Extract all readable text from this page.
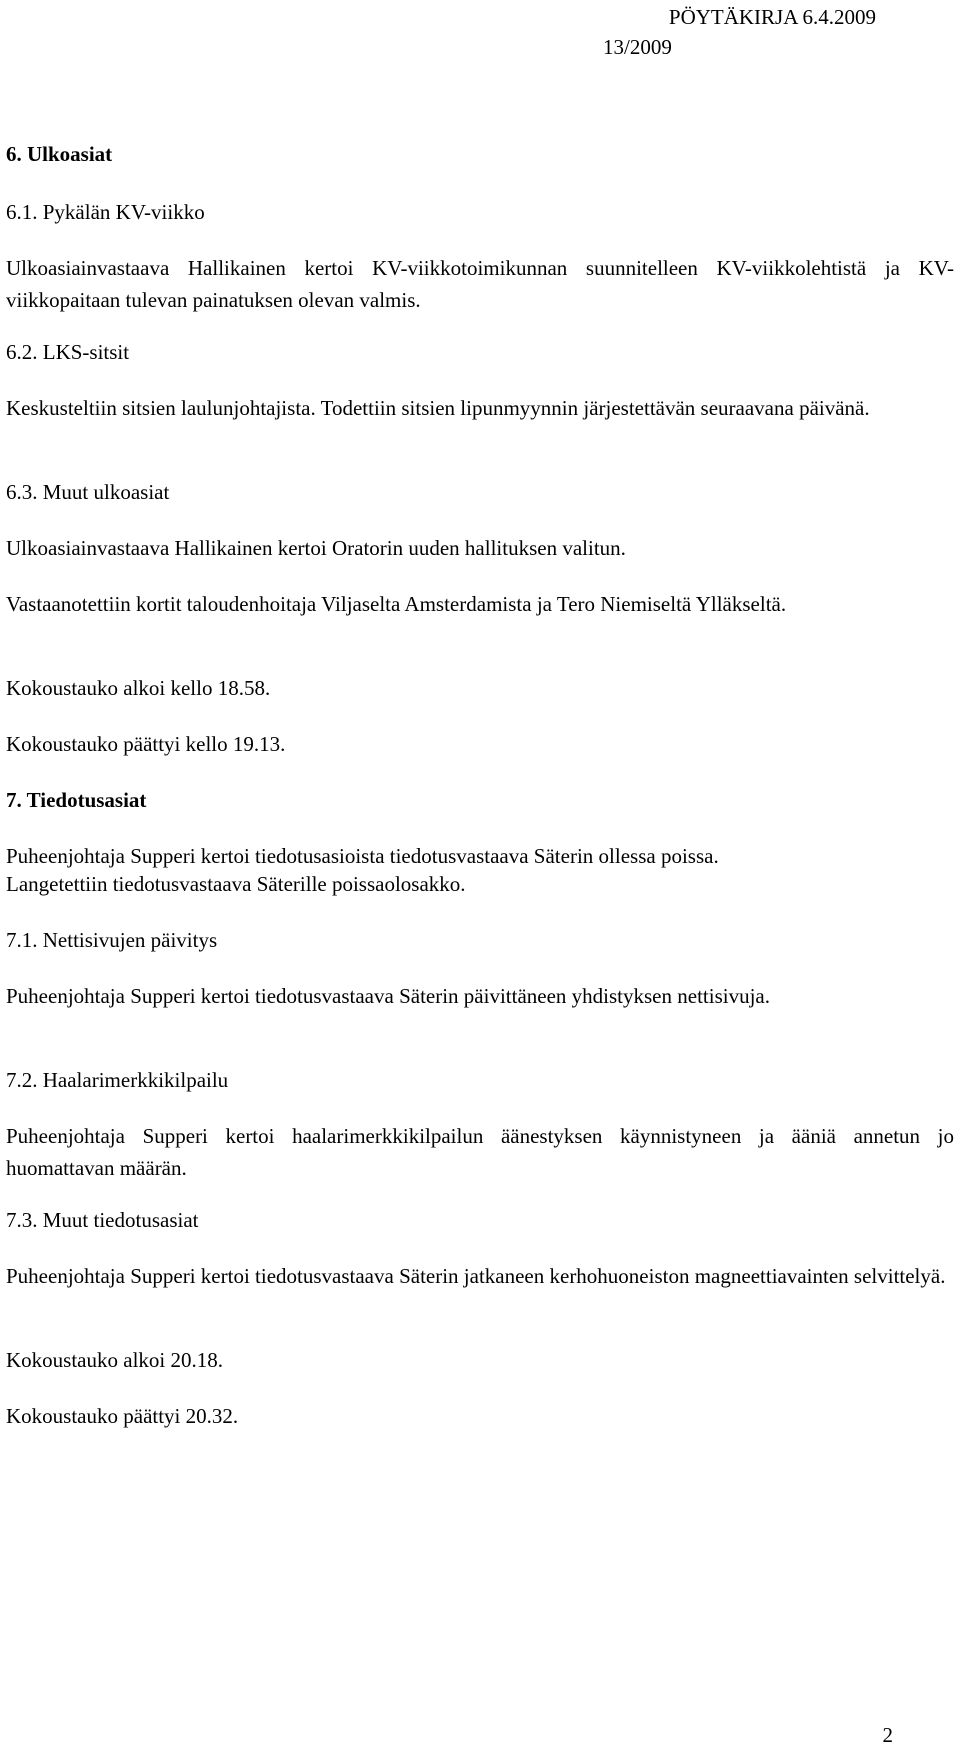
PÖYTÄKIRJA 6.4.2009
13/2009

6. Ulkoasiat

6.1. Pykälän KV-viikko

Ulkoasiainvastaava Hallikainen kertoi KV-viikkotoimikunnan suunnitelleen KV-viikkolehtistä ja KV-viikkopaitaan tulevan painatuksen olevan valmis.

6.2. LKS-sitsit

Keskusteltiin sitsien laulunjohtajista. Todettiin sitsien lipunmyynnin järjestettävän seuraavana päivänä.

6.3. Muut ulkoasiat

Ulkoasiainvastaava Hallikainen kertoi Oratorin uuden hallituksen valitun.

Vastaanotettiin kortit taloudenhoitaja Viljaselta Amsterdamista ja Tero Niemiseltä Ylläkseltä.

Kokoustauko alkoi kello 18.58.

Kokoustauko päättyi kello 19.13.

7. Tiedotusasiat

Puheenjohtaja Supperi kertoi tiedotusasioista tiedotusvastaava Säterin ollessa poissa.

Langetettiin tiedotusvastaava Säterille poissaolosakko.

7.1. Nettisivujen päivitys

Puheenjohtaja Supperi kertoi tiedotusvastaava Säterin päivittäneen yhdistyksen nettisivuja.

7.2. Haalarimerkkikilpailu

Puheenjohtaja Supperi kertoi haalarimerkkikilpailun äänestyksen käynnistyneen ja ääniä annetun jo huomattavan määrän.

7.3. Muut tiedotusasiat

Puheenjohtaja Supperi kertoi tiedotusvastaava Säterin jatkaneen kerhohuoneiston magneettiavainten selvittelyä.

Kokoustauko alkoi 20.18.

Kokoustauko päättyi 20.32.

2
